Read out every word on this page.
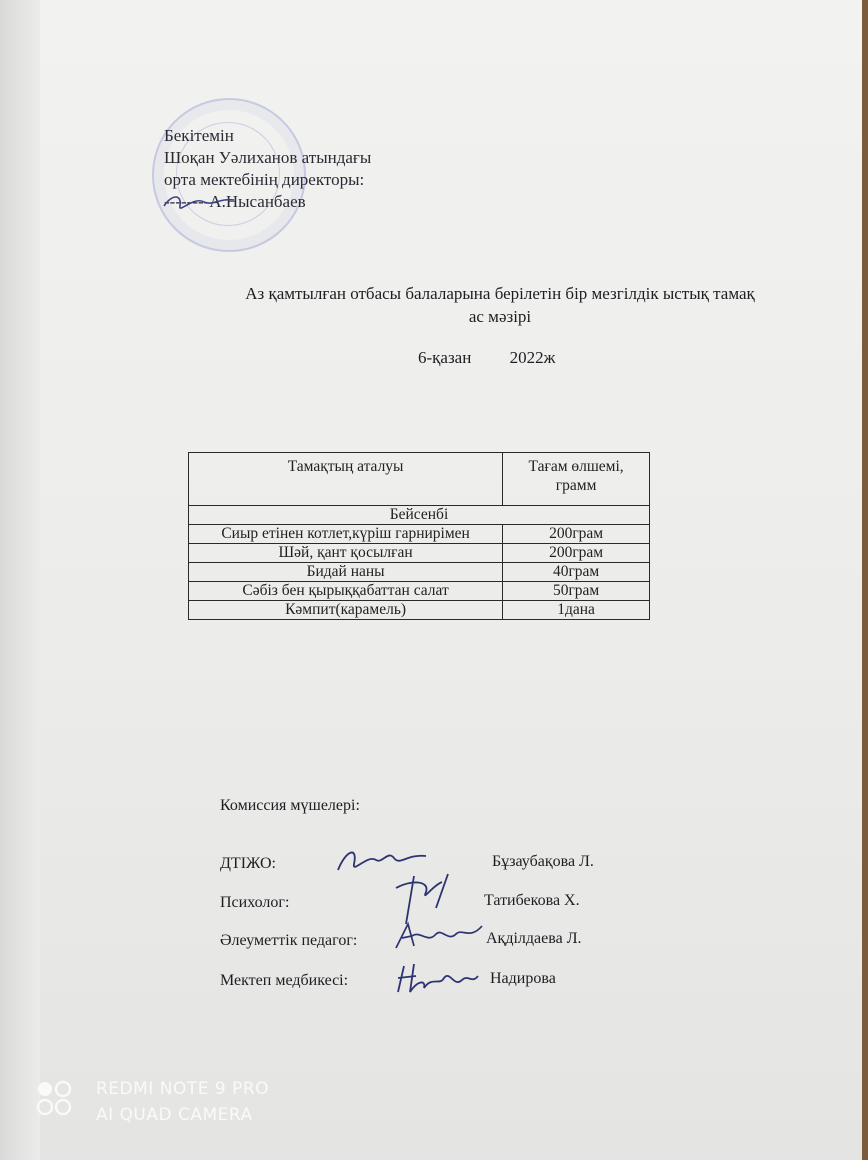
Бекітемін
Шоқан Уәлиханов атындағы
орта мектебінің директоры:
--------А.Нысанбаев
Аз қамтылған отбасы балаларына берілетін бір мезгілдік ыстық тамақ
ас мәзірі
6-қазан 2022ж
Тамақтың аталуы	Тағам өлшемі, грамм
Бейсенбі	
Сиыр етінен котлет,күріш гарнирімен	200грам
Шәй, қант қосылған	200грам
Бидай наны	40грам
Сәбіз бен қырыққабаттан салат	50грам
Кәмпит(карамель)	1дана
Комиссия мүшелері:
ДТІЖО:	Бұзаубақова Л.
Психолог:	Татибекова Х.
Әлеуметтік педагог:	Ақділдаева Л.
Мектеп медбикесі:	Надирова
REDMI NOTE 9 PRO
AI QUAD CAMERA
